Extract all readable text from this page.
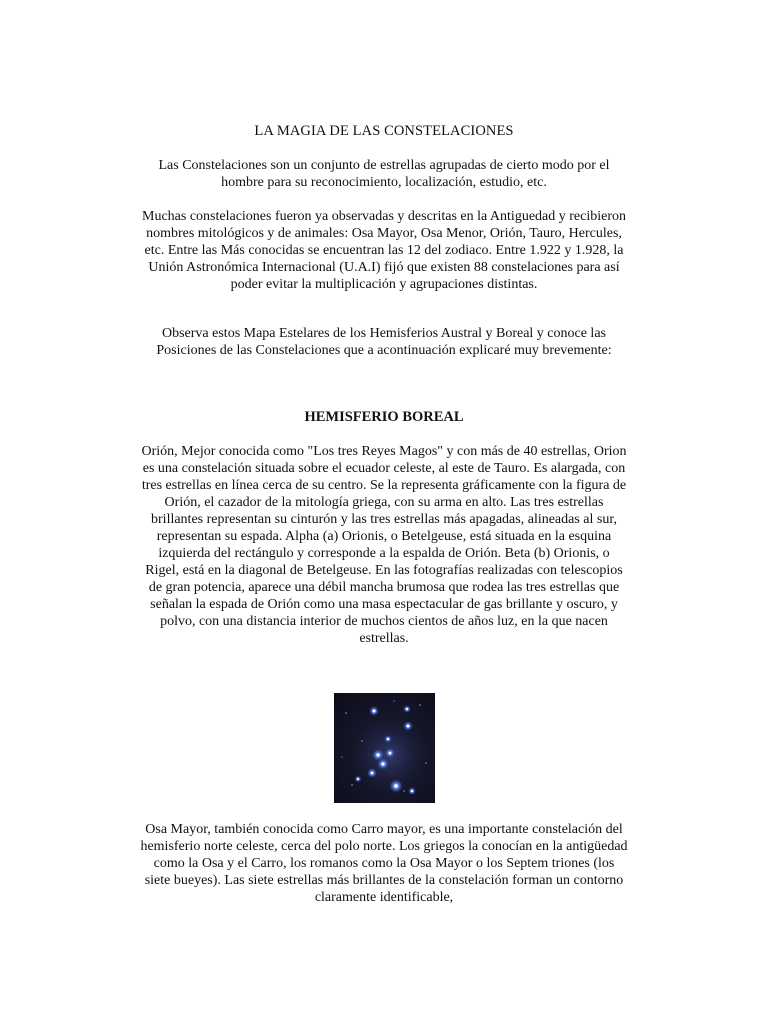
LA MAGIA DE LAS CONSTELACIONES

Las Constelaciones son un conjunto de estrellas agrupadas de cierto modo por el hombre para su reconocimiento, localización, estudio, etc.

Muchas constelaciones fueron ya observadas y descritas en la Antiguedad y recibieron nombres mitológicos y de animales: Osa Mayor, Osa Menor, Orión, Tauro, Hercules, etc. Entre las Más conocidas se encuentran las 12 del zodiaco. Entre 1.922 y 1.928, la Unión Astronómica Internacional (U.A.I) fijó que existen 88 constelaciones para así poder evitar la multiplicación y agrupaciones distintas.

Observa estos Mapa Estelares de los Hemisferios Austral y Boreal y conoce las Posiciones de las Constelaciones que a acontinuación explicaré muy brevemente:

HEMISFERIO BOREAL

Orión, Mejor conocida como "Los tres Reyes Magos" y con más de 40 estrellas, Orion es una constelación situada sobre el ecuador celeste, al este de Tauro. Es alargada, con tres estrellas en línea cerca de su centro. Se la representa gráficamente con la figura de Orión, el cazador de la mitología griega, con su arma en alto. Las tres estrellas brillantes representan su cinturón y las tres estrellas más apagadas, alineadas al sur, representan su espada. Alpha (a) Orionis, o Betelgeuse, está situada en la esquina izquierda del rectángulo y corresponde a la espalda de Orión. Beta (b) Orionis, o Rigel, está en la diagonal de Betelgeuse. En las fotografías realizadas con telescopios de gran potencia, aparece una débil mancha brumosa que rodea las tres estrellas que señalan la espada de Orión como una masa espectacular de gas brillante y oscuro, y polvo, con una distancia interior de muchos cientos de años luz, en la que nacen estrellas.

Osa Mayor, también conocida como Carro mayor, es una importante constelación del hemisferio norte celeste, cerca del polo norte. Los griegos la conocían en la antigüedad como la Osa y el Carro, los romanos como la Osa Mayor o los Septem triones (los siete bueyes). Las siete estrellas más brillantes de la constelación forman un contorno claramente identificable,
